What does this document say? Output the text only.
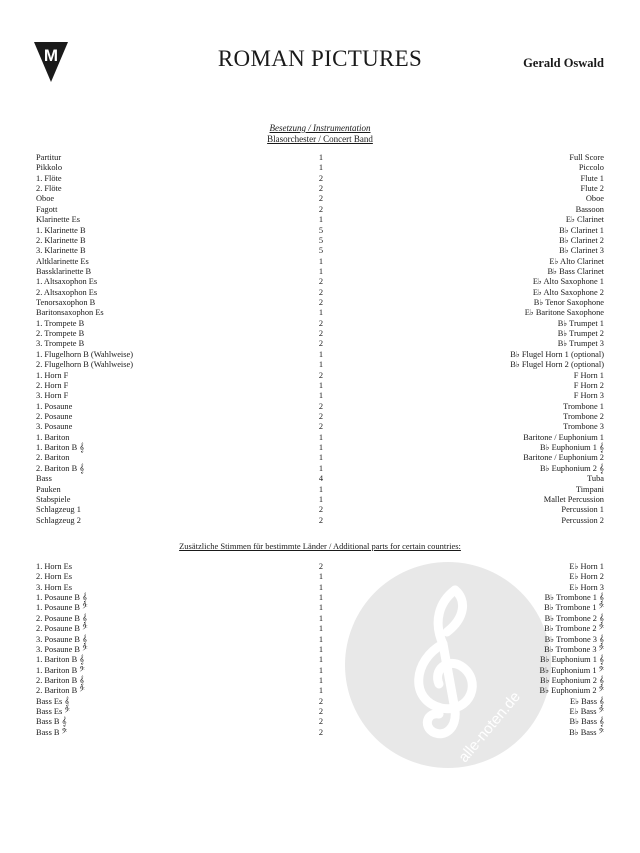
M	ROMAN PICTURES	Gerald Oswald
Besetzung / Instrumentation
Blasorchester / Concert Band
alle-noten.de
Partitur	1	Full Score
Pikkolo	1	Piccolo
1. Flöte	2	Flute 1
2. Flöte	2	Flute 2
Oboe	2	Oboe
Fagott	2	Bassoon
Klarinette Es	1	E♭ Clarinet
1. Klarinette B	5	B♭ Clarinet 1
2. Klarinette B	5	B♭ Clarinet 2
3. Klarinette B	5	B♭ Clarinet 3
Altklarinette Es	1	E♭ Alto Clarinet
Bassklarinette B	1	B♭ Bass Clarinet
1. Altsaxophon Es	2	E♭ Alto Saxophone 1
2. Altsaxophon Es	2	E♭ Alto Saxophone 2
Tenorsaxophon B	2	B♭ Tenor Saxophone
Baritonsaxophon Es	1	E♭ Baritone Saxophone
1. Trompete B	2	B♭ Trumpet 1
2. Trompete B	2	B♭ Trumpet 2
3. Trompete B	2	B♭ Trumpet 3
1. Flugelhorn B (Wahlweise)	1	B♭ Flugel Horn 1 (optional)
2. Flugelhorn B (Wahlweise)	1	B♭ Flugel Horn 2 (optional)
1. Horn F	2	F Horn 1
2. Horn F	1	F Horn 2
3. Horn F	1	F Horn 3
1. Posaune	2	Trombone 1
2. Posaune	2	Trombone 2
3. Posaune	2	Trombone 3
1. Bariton	1	Baritone / Euphonium 1
1. Bariton B 𝄞	1	B♭ Euphonium 1 𝄞
2. Bariton	1	Baritone / Euphonium 2
2. Bariton B 𝄞	1	B♭ Euphonium 2 𝄞
Bass	4	Tuba
Pauken	1	Timpani
Stabspiele	1	Mallet Percussion
Schlagzeug 1	2	Percussion 1
Schlagzeug 2	2	Percussion 2
Zusätzliche Stimmen für bestimmte Länder / Additional parts for certain countries:
1. Horn Es	2	E♭ Horn 1
2. Horn Es	1	E♭ Horn 2
3. Horn Es	1	E♭ Horn 3
1. Posaune B 𝄞	1	B♭ Trombone 1 𝄞
1. Posaune B 𝄢	1	B♭ Trombone 1 𝄢
2. Posaune B 𝄞	1	B♭ Trombone 2 𝄞
2. Posaune B 𝄢	1	B♭ Trombone 2 𝄢
3. Posaune B 𝄞	1	B♭ Trombone 3 𝄞
3. Posaune B 𝄢	1	B♭ Trombone 3 𝄢
1. Bariton B 𝄞	1	B♭ Euphonium 1 𝄞
1. Bariton B 𝄢	1	B♭ Euphonium 1 𝄢
2. Bariton B 𝄞	1	B♭ Euphonium 2 𝄞
2. Bariton B 𝄢	1	B♭ Euphonium 2 𝄢
Bass Es 𝄞	2	E♭ Bass 𝄞
Bass Es 𝄢	2	E♭ Bass 𝄢
Bass B 𝄞	2	B♭ Bass 𝄞
Bass B 𝄢	2	B♭ Bass 𝄢
